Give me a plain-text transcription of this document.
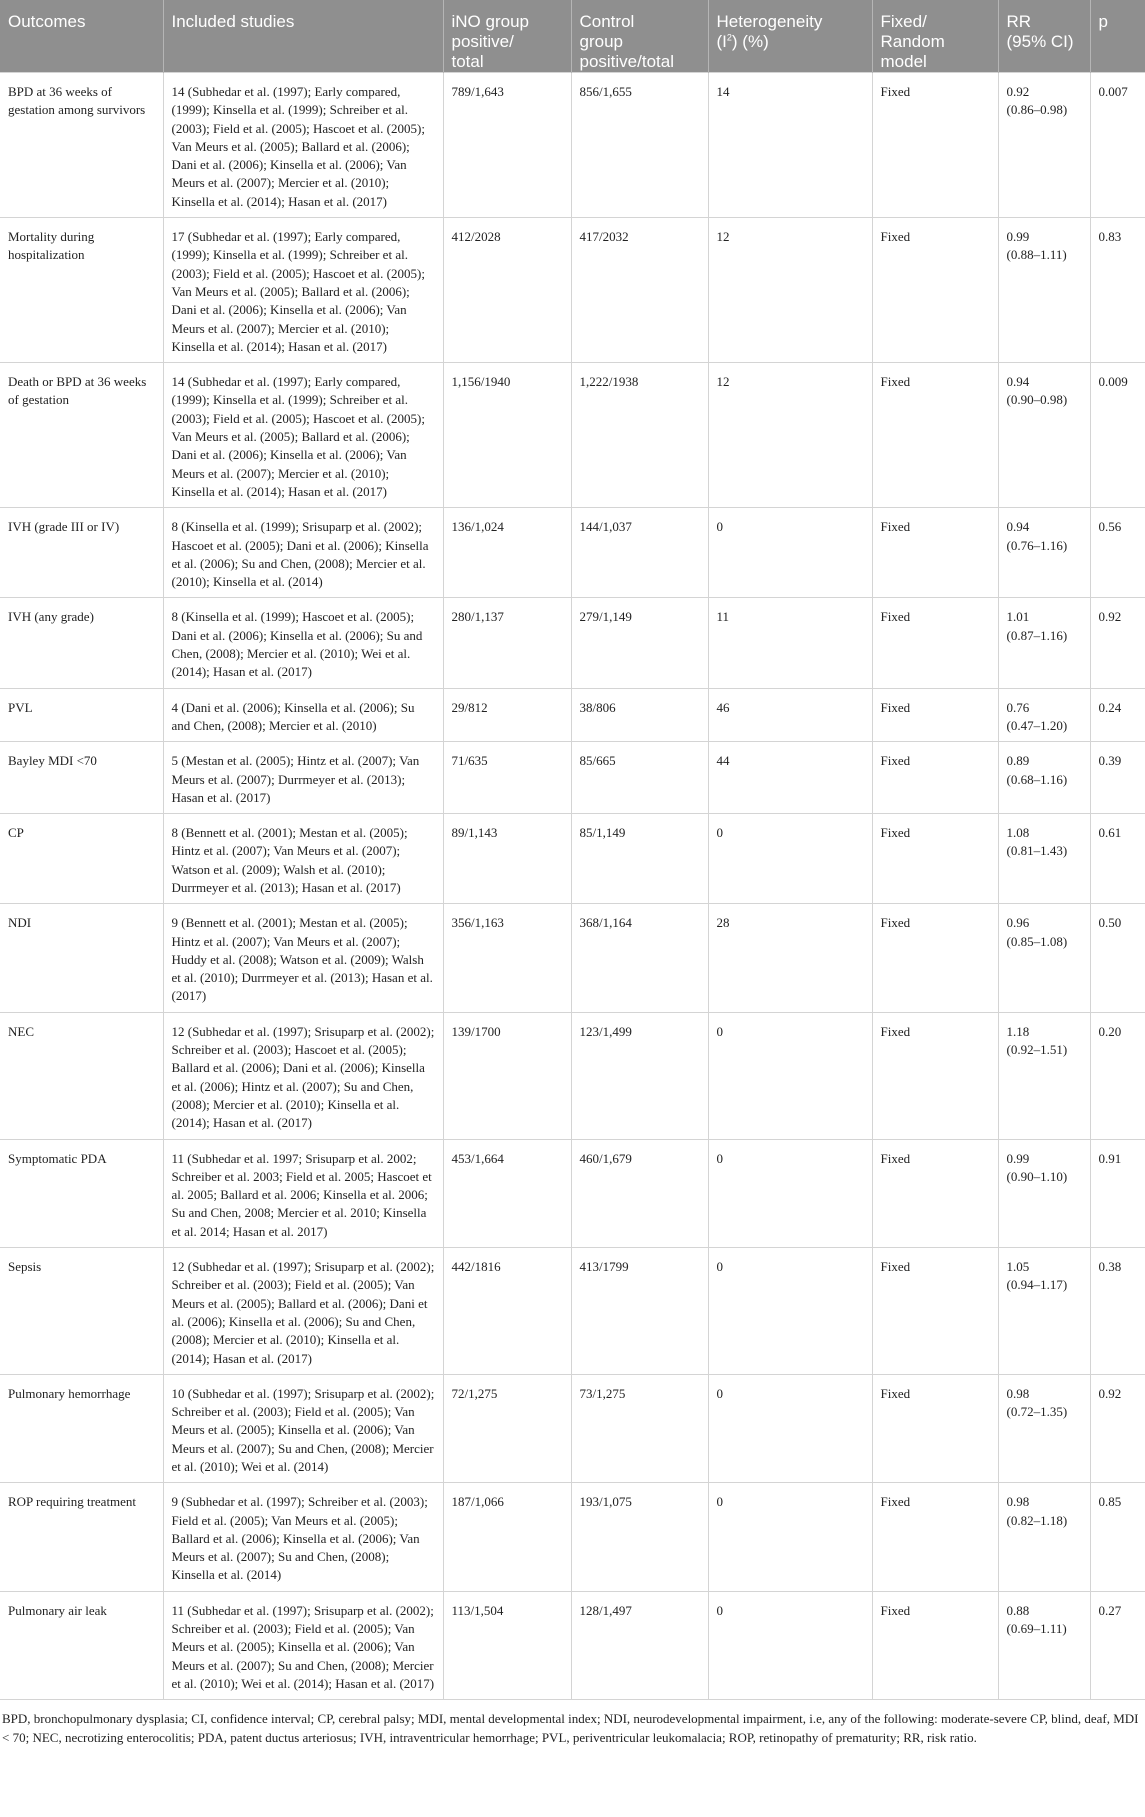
Outcomes	Included studies	iNO group
positive/
total	Control
group
positive/total	Heterogeneity
$(I^2)$ (%)	Fixed/
Random
model	RR
(95% CI)	p
BPD at 36 weeks of gestation among survivors	14 (Subhedar et al. (1997); Early compared, (1999); Kinsella et al. (1999); Schreiber et al. (2003); Field et al. (2005); Hascoet et al. (2005); Van Meurs et al. (2005); Ballard et al. (2006); Dani et al. (2006); Kinsella et al. (2006); Van Meurs et al. (2007); Mercier et al. (2010); Kinsella et al. (2014); Hasan et al. (2017)	789/1,643	856/1,655	14	Fixed	0.92
(0.86–0.98)	0.007
Mortality during hospitalization	17 (Subhedar et al. (1997); Early compared, (1999); Kinsella et al. (1999); Schreiber et al. (2003); Field et al. (2005); Hascoet et al. (2005); Van Meurs et al. (2005); Ballard et al. (2006); Dani et al. (2006); Kinsella et al. (2006); Van Meurs et al. (2007); Mercier et al. (2010); Kinsella et al. (2014); Hasan et al. (2017)	412/2028	417/2032	12	Fixed	0.99
(0.88–1.11)	0.83
Death or BPD at 36 weeks of gestation	14 (Subhedar et al. (1997); Early compared, (1999); Kinsella et al. (1999); Schreiber et al. (2003); Field et al. (2005); Hascoet et al. (2005); Van Meurs et al. (2005); Ballard et al. (2006); Dani et al. (2006); Kinsella et al. (2006); Van Meurs et al. (2007); Mercier et al. (2010); Kinsella et al. (2014); Hasan et al. (2017)	1,156/1940	1,222/1938	12	Fixed	0.94
(0.90–0.98)	0.009
IVH (grade III or IV)	8 (Kinsella et al. (1999); Srisuparp et al. (2002); Hascoet et al. (2005); Dani et al. (2006); Kinsella et al. (2006); Su and Chen, (2008); Mercier et al. (2010); Kinsella et al. (2014)	136/1,024	144/1,037	0	Fixed	0.94
(0.76–1.16)	0.56
IVH (any grade)	8 (Kinsella et al. (1999); Hascoet et al. (2005); Dani et al. (2006); Kinsella et al. (2006); Su and Chen, (2008); Mercier et al. (2010); Wei et al. (2014); Hasan et al. (2017)	280/1,137	279/1,149	11	Fixed	1.01
(0.87–1.16)	0.92
PVL	4 (Dani et al. (2006); Kinsella et al. (2006); Su and Chen, (2008); Mercier et al. (2010)	29/812	38/806	46	Fixed	0.76
(0.47–1.20)	0.24
Bayley MDI <70	5 (Mestan et al. (2005); Hintz et al. (2007); Van Meurs et al. (2007); Durrmeyer et al. (2013); Hasan et al. (2017)	71/635	85/665	44	Fixed	0.89
(0.68–1.16)	0.39
CP	8 (Bennett et al. (2001); Mestan et al. (2005); Hintz et al. (2007); Van Meurs et al. (2007); Watson et al. (2009); Walsh et al. (2010); Durrmeyer et al. (2013); Hasan et al. (2017)	89/1,143	85/1,149	0	Fixed	1.08
(0.81–1.43)	0.61
NDI	9 (Bennett et al. (2001); Mestan et al. (2005); Hintz et al. (2007); Van Meurs et al. (2007); Huddy et al. (2008); Watson et al. (2009); Walsh et al. (2010); Durrmeyer et al. (2013); Hasan et al. (2017)	356/1,163	368/1,164	28	Fixed	0.96
(0.85–1.08)	0.50
NEC	12 (Subhedar et al. (1997); Srisuparp et al. (2002); Schreiber et al. (2003); Hascoet et al. (2005); Ballard et al. (2006); Dani et al. (2006); Kinsella et al. (2006); Hintz et al. (2007); Su and Chen, (2008); Mercier et al. (2010); Kinsella et al. (2014); Hasan et al. (2017)	139/1700	123/1,499	0	Fixed	1.18
(0.92–1.51)	0.20
Symptomatic PDA	11 (Subhedar et al. 1997; Srisuparp et al. 2002; Schreiber et al. 2003; Field et al. 2005; Hascoet et al. 2005; Ballard et al. 2006; Kinsella et al. 2006; Su and Chen, 2008; Mercier et al. 2010; Kinsella et al. 2014; Hasan et al. 2017)	453/1,664	460/1,679	0	Fixed	0.99
(0.90–1.10)	0.91
Sepsis	12 (Subhedar et al. (1997); Srisuparp et al. (2002); Schreiber et al. (2003); Field et al. (2005); Van Meurs et al. (2005); Ballard et al. (2006); Dani et al. (2006); Kinsella et al. (2006); Su and Chen, (2008); Mercier et al. (2010); Kinsella et al. (2014); Hasan et al. (2017)	442/1816	413/1799	0	Fixed	1.05
(0.94–1.17)	0.38
Pulmonary hemorrhage	10 (Subhedar et al. (1997); Srisuparp et al. (2002); Schreiber et al. (2003); Field et al. (2005); Van Meurs et al. (2005); Kinsella et al. (2006); Van Meurs et al. (2007); Su and Chen, (2008); Mercier et al. (2010); Wei et al. (2014)	72/1,275	73/1,275	0	Fixed	0.98
(0.72–1.35)	0.92
ROP requiring treatment	9 (Subhedar et al. (1997); Schreiber et al. (2003); Field et al. (2005); Van Meurs et al. (2005); Ballard et al. (2006); Kinsella et al. (2006); Van Meurs et al. (2007); Su and Chen, (2008); Kinsella et al. (2014)	187/1,066	193/1,075	0	Fixed	0.98
(0.82–1.18)	0.85
Pulmonary air leak	11 (Subhedar et al. (1997); Srisuparp et al. (2002); Schreiber et al. (2003); Field et al. (2005); Van Meurs et al. (2005); Kinsella et al. (2006); Van Meurs et al. (2007); Su and Chen, (2008); Mercier et al. (2010); Wei et al. (2014); Hasan et al. (2017)	113/1,504	128/1,497	0	Fixed	0.88
(0.69–1.11)	0.27
BPD, bronchopulmonary dysplasia; CI, confidence interval; CP, cerebral palsy; MDI, mental developmental index; NDI, neurodevelopmental impairment, i.e, any of the following: moderate-severe CP, blind, deaf, MDI < 70; NEC, necrotizing enterocolitis; PDA, patent ductus arteriosus; IVH, intraventricular hemorrhage; PVL, periventricular leukomalacia; ROP, retinopathy of prematurity; RR, risk ratio.
